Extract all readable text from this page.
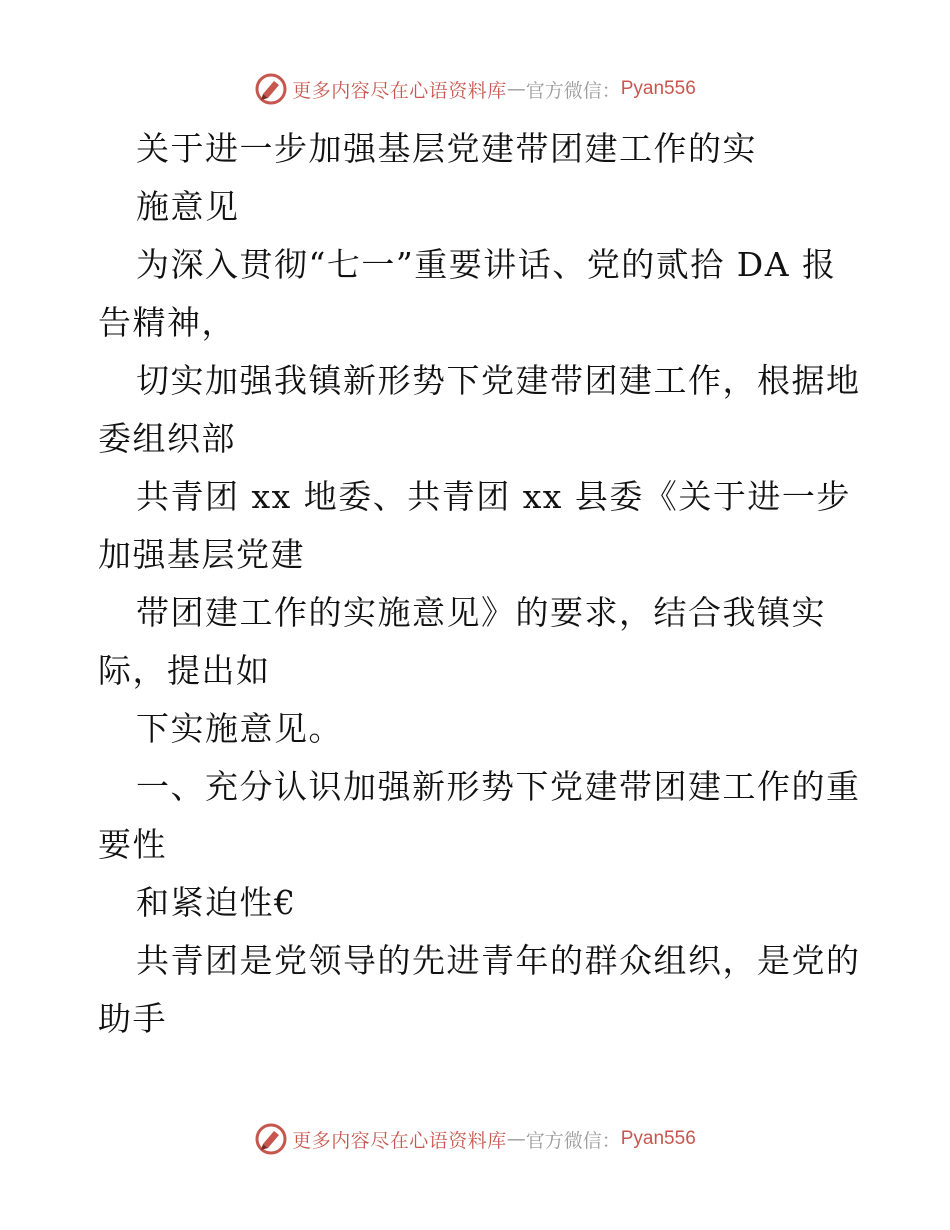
更多内容尽在心语资料库 — 官方微信： Pyan556
关于进一步加强基层党建带团建工作的实
施意见
为深入贯彻“七一”重要讲话、党的贰拾 DA 报
告精神，
切实加强我镇新形势下党建带团建工作，根据地
委组织部
共青团 xx 地委、共青团 xx 县委《关于进一步
加强基层党建
带团建工作的实施意见》的要求，结合我镇实
际，提出如
下实施意见。
一、充分认识加强新形势下党建带团建工作的重
要性
和紧迫性€
共青团是党领导的先进青年的群众组织，是党的
助手
更多内容尽在心语资料库 — 官方微信： Pyan556
